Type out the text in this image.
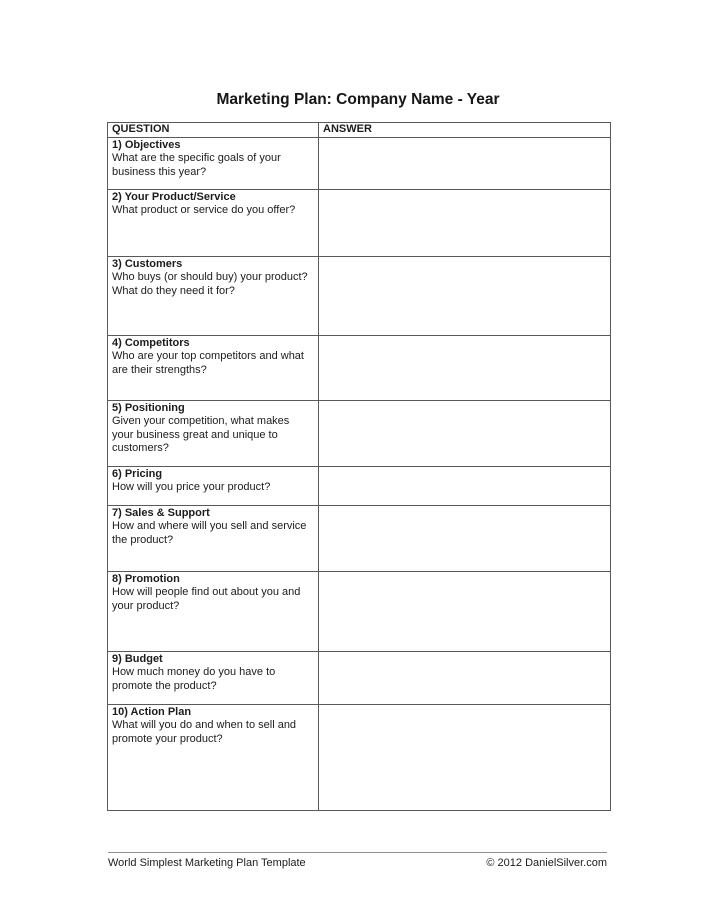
Marketing Plan: Company Name - Year
QUESTION	ANSWER

1) Objectives
What are the specific goals of your business this year?	

2) Your Product/Service
What product or service do you offer?	

3) Customers
Who buys (or should buy) your product?  What do they need it for?	

4) Competitors
Who are your top competitors and what are their strengths?	

5) Positioning
Given your competition, what makes your business great and unique to customers?	

6) Pricing
How will you price your product?	

7) Sales & Support
How and where will you sell and service the product?	

8) Promotion
How will people find out about you and your product?	

9) Budget
How much money do you have to promote the product?	

10) Action Plan
What will you do and when to sell and promote your product?	

World Simplest Marketing Plan Template	© 2012 DanielSilver.com
